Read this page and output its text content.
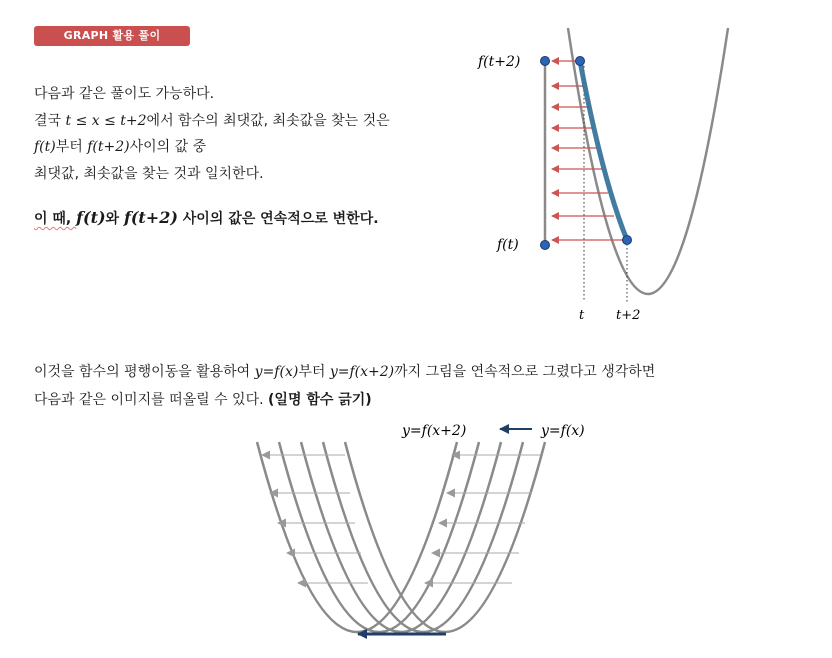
GRAPH 활용 풀이
다음과 같은 풀이도 가능하다.
결국 t ≤ x ≤ t+2에서 함수의 최댓값, 최솟값을 찾는 것은
f(t)부터 f(t+2)사이의 값 중
최댓값, 최솟값을 찾는 것과 일치한다.
이 때, f(t)와 f(t+2) 사이의 값은 연속적으로 변한다.
f(t+2)
f(t)
t t+2
이것을 함수의 평행이동을 활용하여 y=f(x)부터 y=f(x+2)까지 그림을 연속적으로 그렸다고 생각하면
다음과 같은 이미지를 떠올릴 수 있다. (일명 함수 긁기)
y=f(x+2)	y=f(x)
